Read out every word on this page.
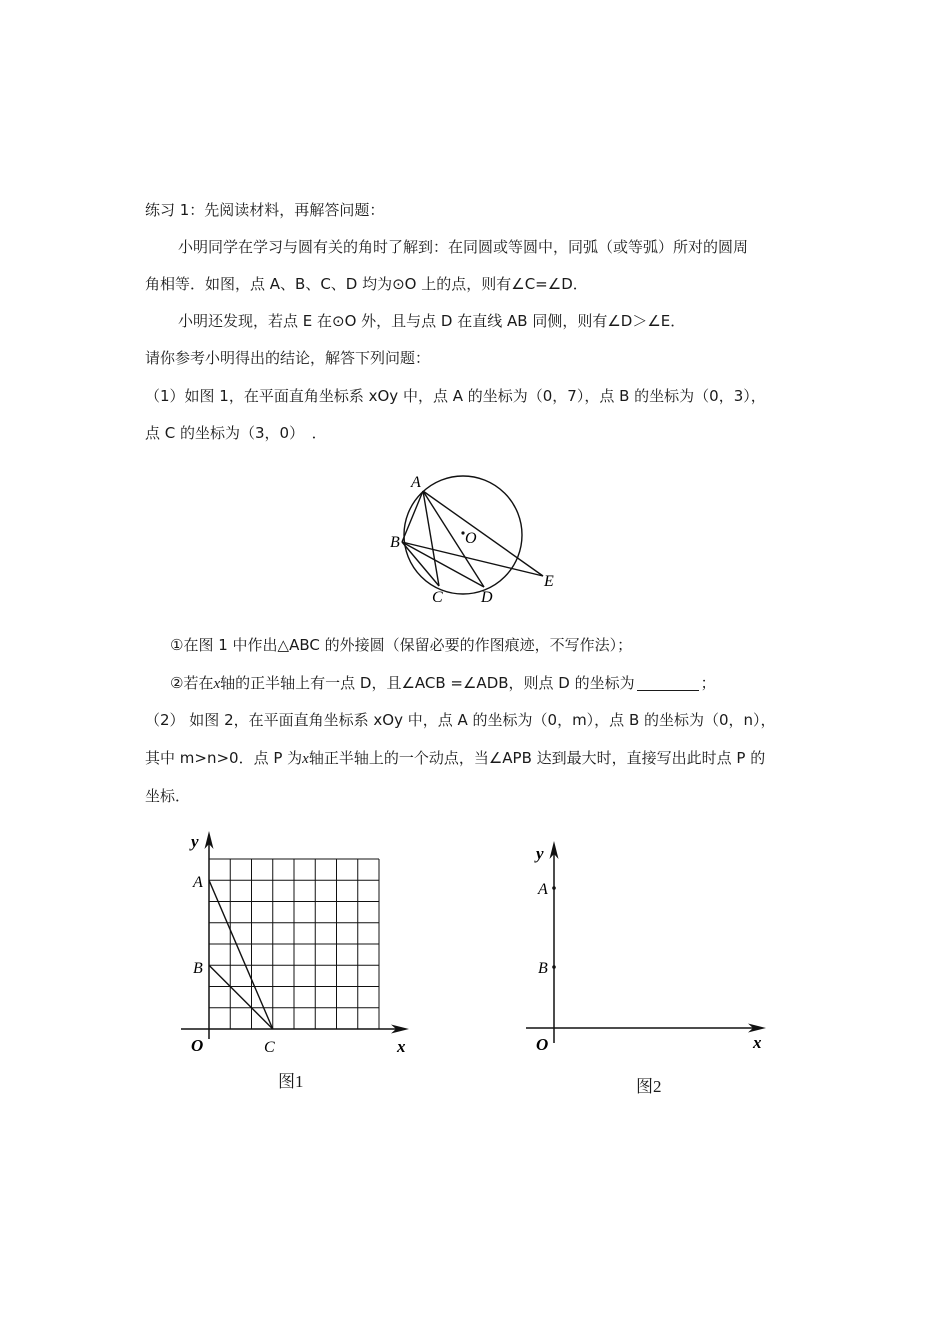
练习 1：先阅读材料，再解答问题：
小明同学在学习与圆有关的角时了解到：在同圆或等圆中，同弧（或等弧）所对的圆周
角相等．如图，点 A、B、C、D 均为⊙O 上的点，则有∠C=∠D．
小明还发现，若点 E 在⊙O 外，且与点 D 在直线 AB 同侧，则有∠D＞∠E．
请你参考小明得出的结论，解答下列问题：
（1）如图 1，在平面直角坐标系 xOy 中，点 A 的坐标为（0，7），点 B 的坐标为（0，3），
点 C 的坐标为（3，0）　．
A
B
C D
E
O
①在图 1 中作出△ABC 的外接圆（保留必要的作图痕迹，不写作法）；
②若在x轴的正半轴上有一点 D，且∠ACB =∠ADB，则点 D 的坐标为	；
（2） 如图 2，在平面直角坐标系 xOy 中，点 A 的坐标为（0，m），点 B 的坐标为（0，n），
其中 m>n>0．点 P 为x轴正半轴上的一个动点，当∠APB 达到最大时，直接写出此时点 P 的
坐标．
y
x
O
A
B
C
图1
y
x
O
A
B
图2
